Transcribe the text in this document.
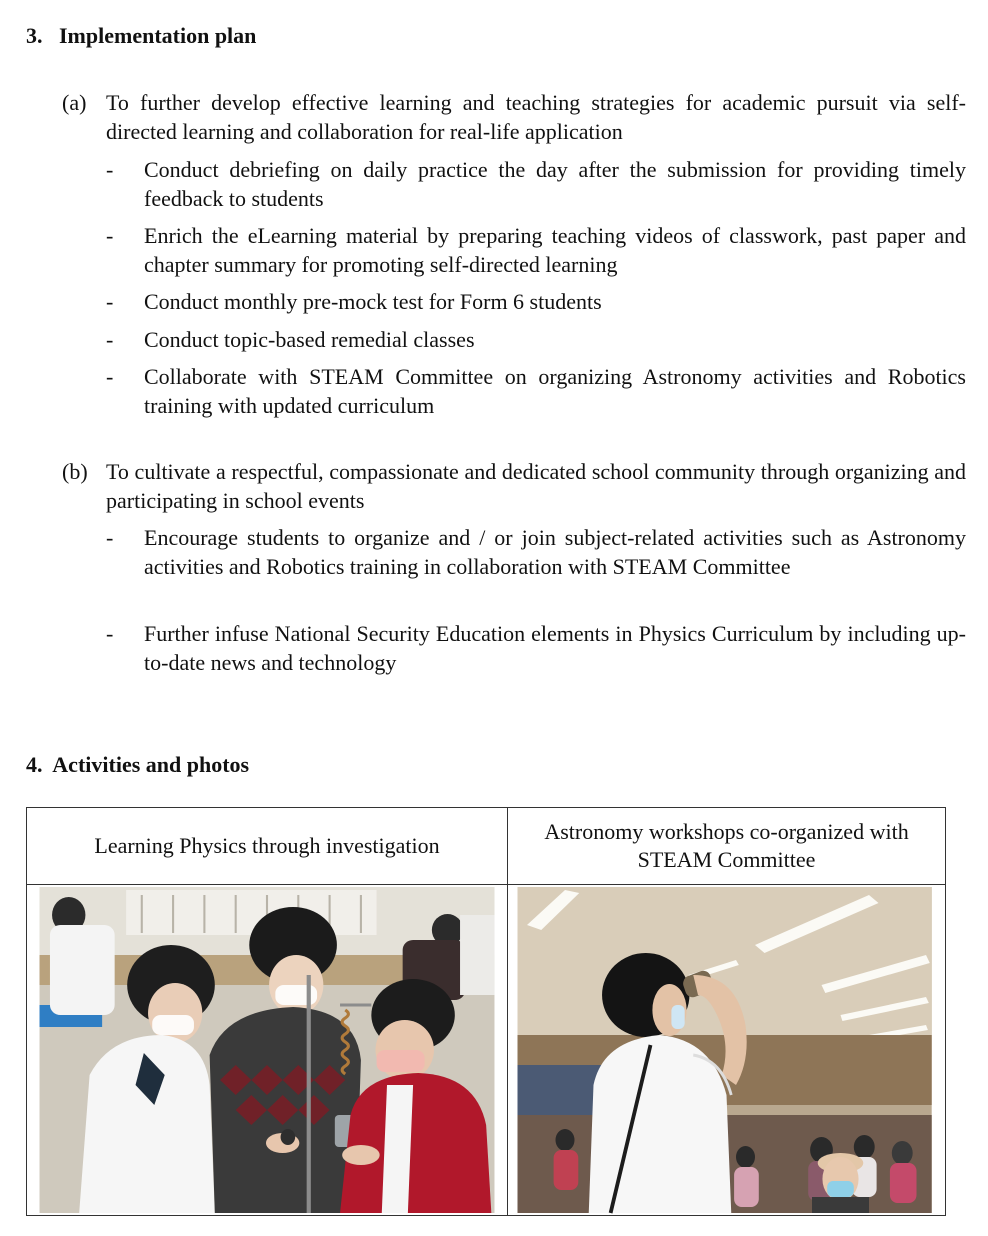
3. Implementation plan
(a) To further develop effective learning and teaching strategies for academic pursuit via self-directed learning and collaboration for real-life application
- Conduct debriefing on daily practice the day after the submission for providing timely feedback to students
- Enrich the eLearning material by preparing teaching videos of classwork, past paper and chapter summary for promoting self-directed learning
- Conduct monthly pre-mock test for Form 6 students
- Conduct topic-based remedial classes
- Collaborate with STEAM Committee on organizing Astronomy activities and Robotics training with updated curriculum
(b) To cultivate a respectful, compassionate and dedicated school community through organizing and participating in school events
- Encourage students to organize and / or join subject-related activities such as Astronomy activities and Robotics training in collaboration with STEAM Committee
- Further infuse National Security Education elements in Physics Curriculum by including up-to-date news and technology
4. Activities and photos
Learning Physics through investigation	Astronomy workshops co-organized with STEAM Committee
